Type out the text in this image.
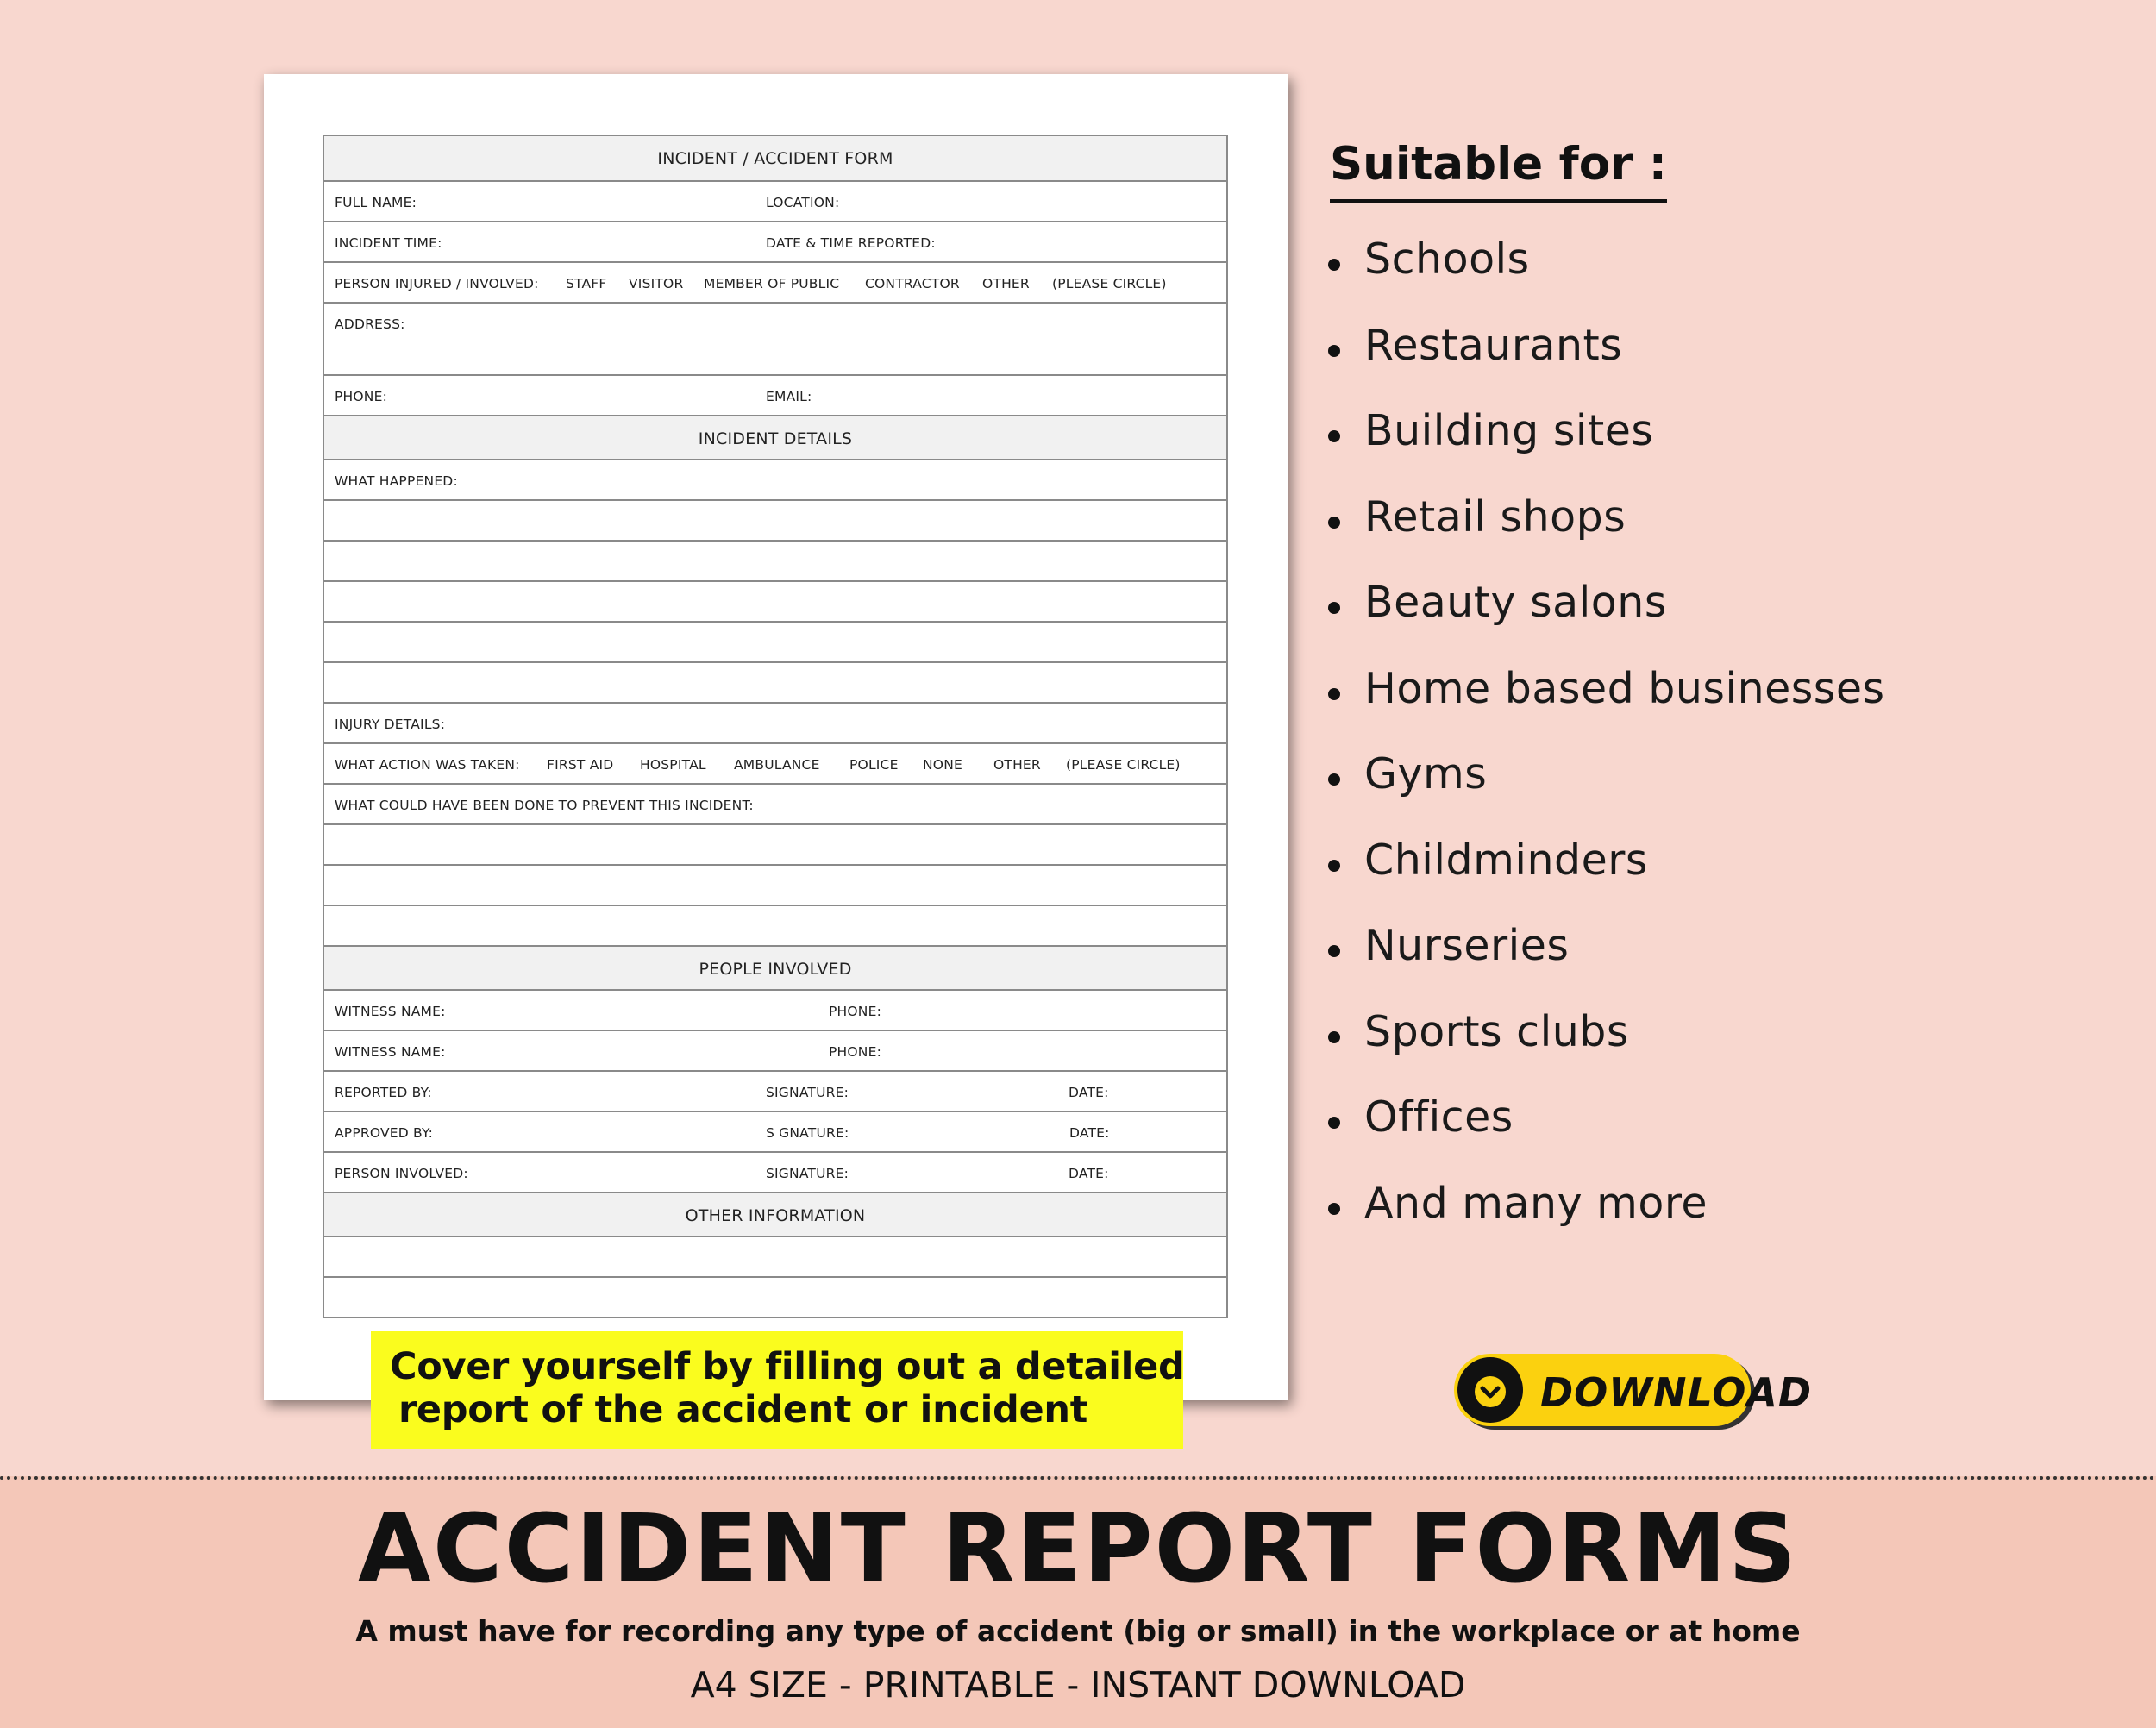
INCIDENT / ACCIDENT FORM
FULL NAME:	LOCATION:
INCIDENT TIME:	DATE & TIME REPORTED:
PERSON INJURED / INVOLVED: STAFF VISITOR MEMBER OF PUBLIC CONTRACTOR OTHER (PLEASE CIRCLE)
ADDRESS:
PHONE:	EMAIL:
INCIDENT DETAILS
WHAT HAPPENED:
INJURY DETAILS:
WHAT ACTION WAS TAKEN: FIRST AID HOSPITAL AMBULANCE POLICE NONE OTHER (PLEASE CIRCLE)
WHAT COULD HAVE BEEN DONE TO PREVENT THIS INCIDENT:
PEOPLE INVOLVED
WITNESS NAME:	PHONE:
WITNESS NAME:	PHONE:
REPORTED BY:	SIGNATURE:	DATE:
APPROVED BY:	S GNATURE:	DATE:
PERSON INVOLVED:	SIGNATURE:	DATE:
OTHER INFORMATION
Cover yourself by filling out a detailed
report of the accident or incident
Suitable for :
Schools
Restaurants
Building sites
Retail shops
Beauty salons
Home based businesses
Gyms
Childminders
Nurseries
Sports clubs
Offices
And many more
DOWNLOAD
ACCIDENT REPORT FORMS
A must have for recording any type of accident (big or small) in the workplace or at home
A4 SIZE - PRINTABLE - INSTANT DOWNLOAD
